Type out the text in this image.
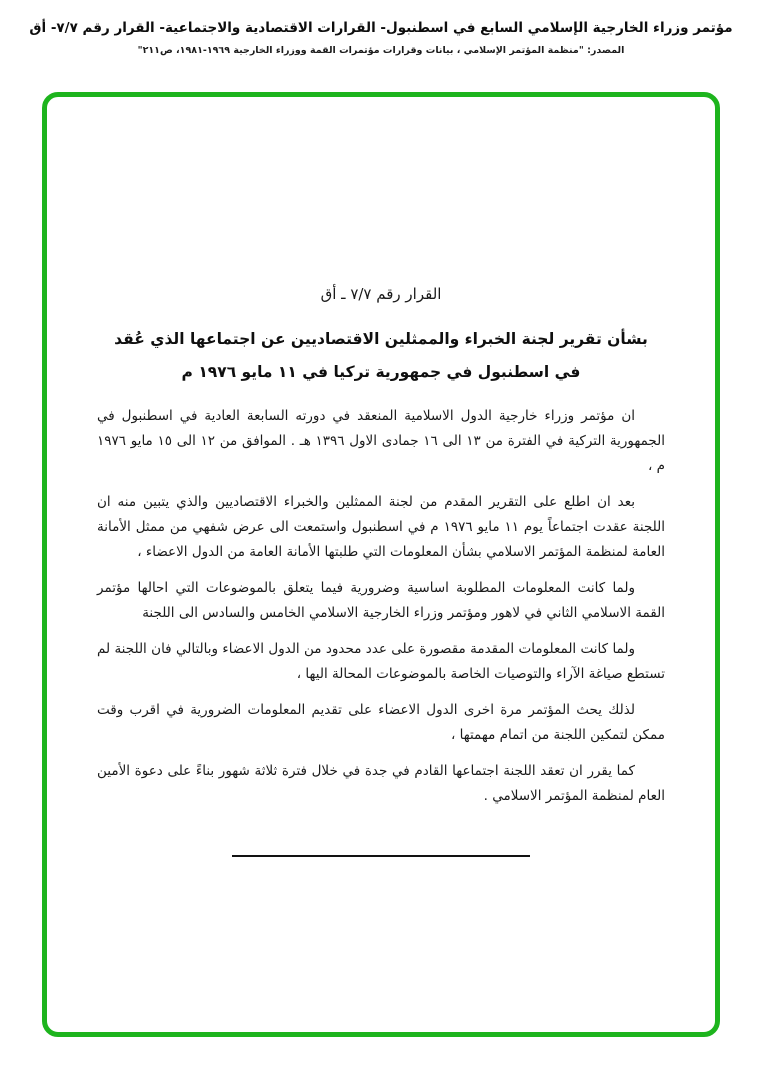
مؤتمر وزراء الخارجية الإسلامي السابع في اسطنبول- القرارات الاقتصادية والاجتماعية- القرار رقم ٧/٧- أق
المصدر: "منظمة المؤتمر الإسلامي ، بيانات وقرارات مؤتمرات القمة ووزراء الخارجية ١٩٦٩-١٩٨١، ص٢١١"
القرار رقم ٧/٧ ـ أق
بشأن تقرير لجنة الخبراء والممثلين الاقتصاديين عن اجتماعها الذي عُقد في اسطنبول في جمهورية تركيا في ١١ مايو ١٩٧٦ م

ان مؤتمر وزراء خارجية الدول الاسلامية المنعقد في دورته السابعة العادية في اسطنبول في الجمهورية التركية في الفترة من ١٣ الى ١٦ جمادى الاول ١٣٩٦ هـ . الموافق من ١٢ الى ١٥ مايو ١٩٧٦ م ،

بعد ان اطلع على التقرير المقدم من لجنة الممثلين والخبراء الاقتصاديين والذي يتبين منه ان اللجنة عقدت اجتماعاً يوم ١١ مايو ١٩٧٦ م في اسطنبول واستمعت الى عرض شفهي من ممثل الأمانة العامة لمنظمة المؤتمر الاسلامي بشأن المعلومات التي طلبتها الأمانة العامة من الدول الاعضاء ،

ولما كانت المعلومات المطلوبة اساسية وضرورية فيما يتعلق بالموضوعات التي احالها مؤتمر القمة الاسلامي الثاني في لاهور ومؤتمر وزراء الخارجية الاسلامي الخامس والسادس الى اللجنة

ولما كانت المعلومات المقدمة مقصورة على عدد محدود من الدول الاعضاء وبالتالي فان اللجنة لم تستطع صياغة الآراء والتوصيات الخاصة بالموضوعات المحالة اليها ،

لذلك يحث المؤتمر مرة اخرى الدول الاعضاء على تقديم المعلومات الضرورية في اقرب وقت ممكن لتمكين اللجنة من اتمام مهمتها ،

كما يقرر ان تعقد اللجنة اجتماعها القادم في جدة في خلال فترة ثلاثة شهور بناءً على دعوة الأمين العام لمنظمة المؤتمر الاسلامي .
